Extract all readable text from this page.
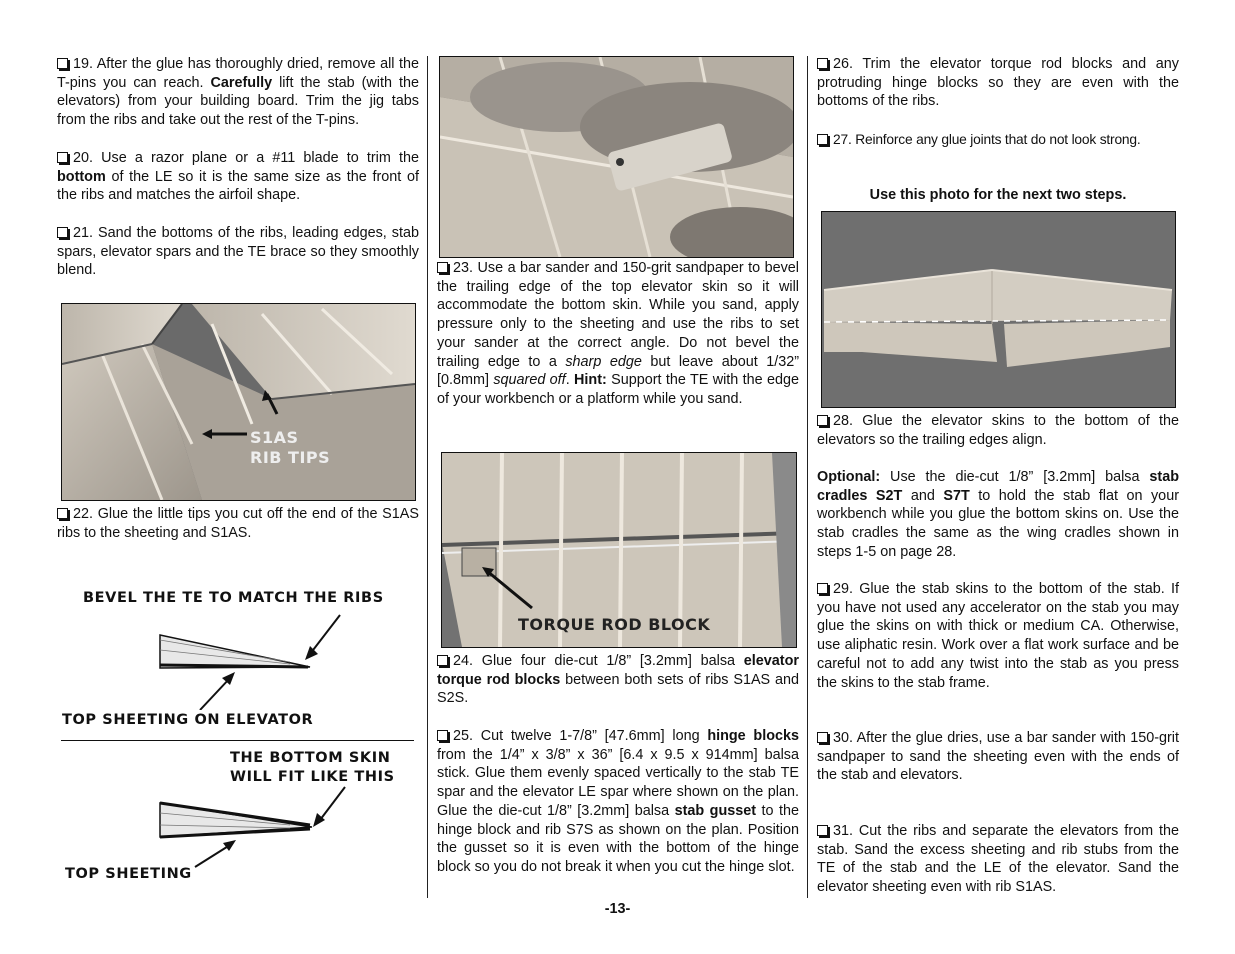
19. After the glue has thoroughly dried, remove all the T-pins you can reach. Carefully lift the stab (with the elevators) from your building board. Trim the jig tabs from the ribs and take out the rest of the T-pins.

20. Use a razor plane or a #11 blade to trim the bottom of the LE so it is the same size as the front of the ribs and matches the airfoil shape.

21. Sand the bottoms of the ribs, leading edges, stab spars, elevator spars and the TE brace so they smoothly blend.

S1AS
RIB TIPS

22. Glue the little tips you cut off the end of the S1AS ribs to the sheeting and S1AS.

BEVEL THE TE TO MATCH THE RIBS
TOP SHEETING ON ELEVATOR
THE BOTTOM SKIN
WILL FIT LIKE THIS
TOP SHEETING

23. Use a bar sander and 150-grit sandpaper to bevel the trailing edge of the top elevator skin so it will accommodate the bottom skin. While you sand, apply pressure only to the sheeting and use the ribs to set your sander at the correct angle. Do not bevel the trailing edge to a sharp edge but leave about 1/32” [0.8mm] squared off. Hint: Support the TE with the edge of your workbench or a platform while you sand.

TORQUE ROD BLOCK

24. Glue four die-cut 1/8” [3.2mm] balsa elevator torque rod blocks between both sets of ribs S1AS and S2S.

25. Cut twelve 1-7/8” [47.6mm] long hinge blocks from the 1/4” x 3/8” x 36” [6.4 x 9.5 x 914mm] balsa stick. Glue them evenly spaced vertically to the stab TE spar and the elevator LE spar where shown on the plan. Glue the die-cut 1/8” [3.2mm] balsa stab gusset to the hinge block and rib S7S as shown on the plan. Position the gusset so it is even with the bottom of the hinge block so you do not break it when you cut the hinge slot.

26. Trim the elevator torque rod blocks and any protruding hinge blocks so they are even with the bottoms of the ribs.

27. Reinforce any glue joints that do not look strong.

Use this photo for the next two steps.

28. Glue the elevator skins to the bottom of the elevators so the trailing edges align.

Optional: Use the die-cut 1/8” [3.2mm] balsa stab cradles S2T and S7T to hold the stab flat on your workbench while you glue the bottom skins on. Use the stab cradles the same as the wing cradles shown in steps 1-5 on page 28.

29. Glue the stab skins to the bottom of the stab. If you have not used any accelerator on the stab you may glue the skins on with thick or medium CA. Otherwise, use aliphatic resin. Work over a flat work surface and be careful not to add any twist into the stab as you press the skins to the stab frame.

30. After the glue dries, use a bar sander with 150-grit sandpaper to sand the sheeting even with the ends of the stab and elevators.

31. Cut the ribs and separate the elevators from the stab. Sand the excess sheeting and rib stubs from the TE of the stab and the LE of the elevator. Sand the elevator sheeting even with rib S1AS.

-13-
